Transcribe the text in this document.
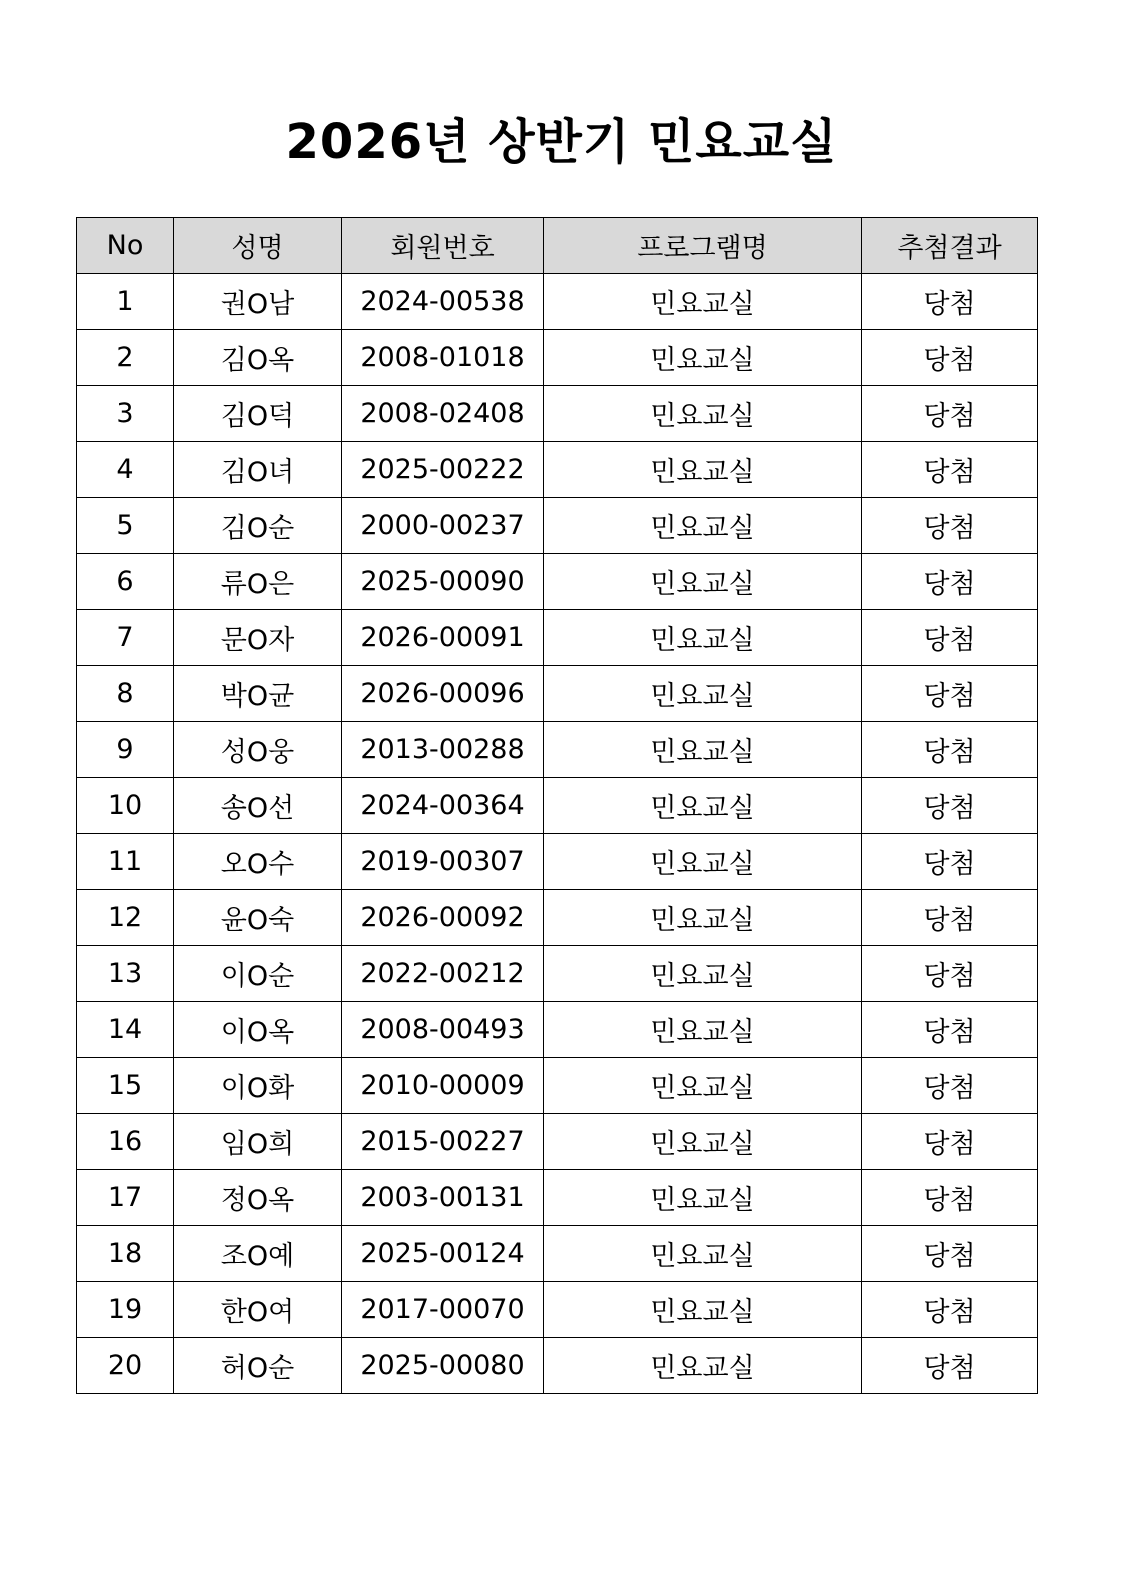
2026년 상반기 민요교실
No	성명	회원번호	프로그램명	추첨결과
1	권O남	2024-00538	민요교실	당첨
2	김O옥	2008-01018	민요교실	당첨
3	김O덕	2008-02408	민요교실	당첨
4	김O녀	2025-00222	민요교실	당첨
5	김O순	2000-00237	민요교실	당첨
6	류O은	2025-00090	민요교실	당첨
7	문O자	2026-00091	민요교실	당첨
8	박O균	2026-00096	민요교실	당첨
9	성O웅	2013-00288	민요교실	당첨
10	송O선	2024-00364	민요교실	당첨
11	오O수	2019-00307	민요교실	당첨
12	윤O숙	2026-00092	민요교실	당첨
13	이O순	2022-00212	민요교실	당첨
14	이O옥	2008-00493	민요교실	당첨
15	이O화	2010-00009	민요교실	당첨
16	임O희	2015-00227	민요교실	당첨
17	정O옥	2003-00131	민요교실	당첨
18	조O예	2025-00124	민요교실	당첨
19	한O여	2017-00070	민요교실	당첨
20	허O순	2025-00080	민요교실	당첨
